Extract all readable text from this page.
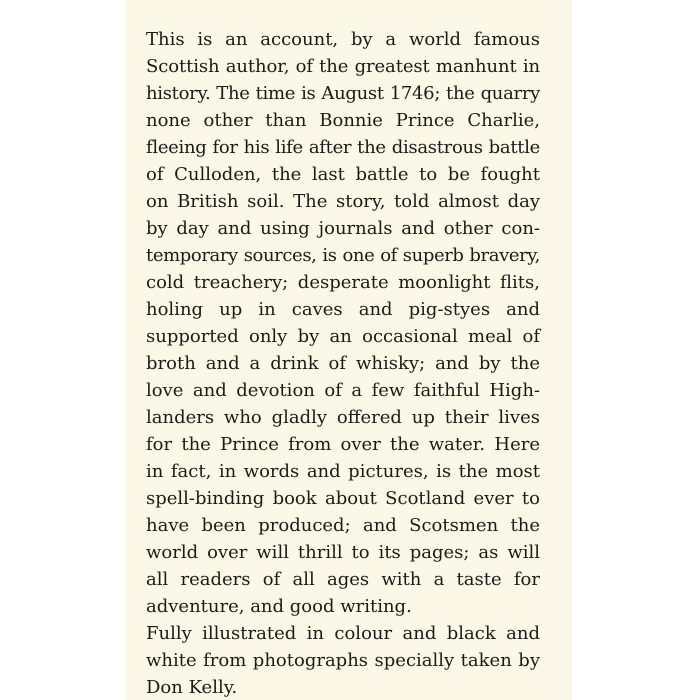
This is an account, by a world famous
Scottish author, of the greatest manhunt in
history. The time is August 1746; the quarry
none other than Bonnie Prince Charlie,
fleeing for his life after the disastrous battle
of Culloden, the last battle to be fought
on British soil. The story, told almost day
by day and using journals and other con-
temporary sources, is one of superb bravery,
cold treachery; desperate moonlight flits,
holing up in caves and pig-styes and
supported only by an occasional meal of
broth and a drink of whisky; and by the
love and devotion of a few faithful High-
landers who gladly offered up their lives
for the Prince from over the water. Here
in fact, in words and pictures, is the most
spell-binding book about Scotland ever to
have been produced; and Scotsmen the
world over will thrill to its pages; as will
all readers of all ages with a taste for
adventure, and good writing.
Fully illustrated in colour and black and
white from photographs specially taken by
Don Kelly.
